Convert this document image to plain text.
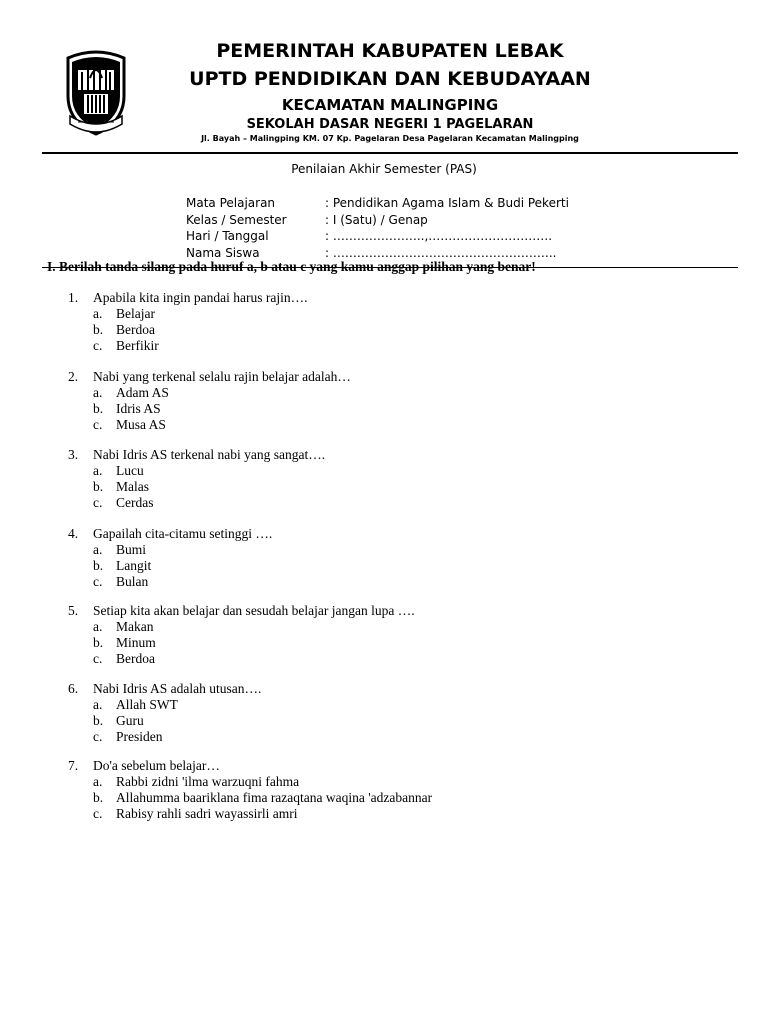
PEMERINTAH KABUPATEN LEBAK
UPTD PENDIDIKAN DAN KEBUDAYAAN
KECAMATAN MALINGPING
SEKOLAH DASAR NEGERI 1 PAGELARAN
Jl. Bayah – Malingping KM. 07 Kp. Pagelaran Desa Pagelaran Kecamatan Malingping
Penilaian Akhir Semester (PAS)
Mata Pelajaran	: Pendidikan Agama Islam & Budi Pekerti
Kelas / Semester	: I (Satu) / Genap
Hari / Tanggal	: …………………..,………………………….
Nama Siswa	: ………………………………………………..
I. Berilah tanda silang pada huruf a, b atau c yang kamu anggap pilihan yang benar!
1. Apabila kita ingin pandai harus rajin….
a. Belajar
b. Berdoa
c. Berfikir
2. Nabi yang terkenal selalu rajin belajar adalah…
a. Adam AS
b. Idris AS
c. Musa AS
3. Nabi Idris AS terkenal nabi yang sangat….
a. Lucu
b. Malas
c. Cerdas
4. Gapailah cita-citamu setinggi ….
a. Bumi
b. Langit
c. Bulan
5. Setiap kita akan belajar dan sesudah belajar jangan lupa ….
a. Makan
b. Minum
c. Berdoa
6. Nabi Idris AS adalah utusan….
a. Allah SWT
b. Guru
c. Presiden
7. Do'a sebelum belajar…
a. Rabbi zidni 'ilma warzuqni fahma
b. Allahumma baariklana fima razaqtana waqina 'adzabannar
c. Rabisy rahli sadri wayassirli amri
